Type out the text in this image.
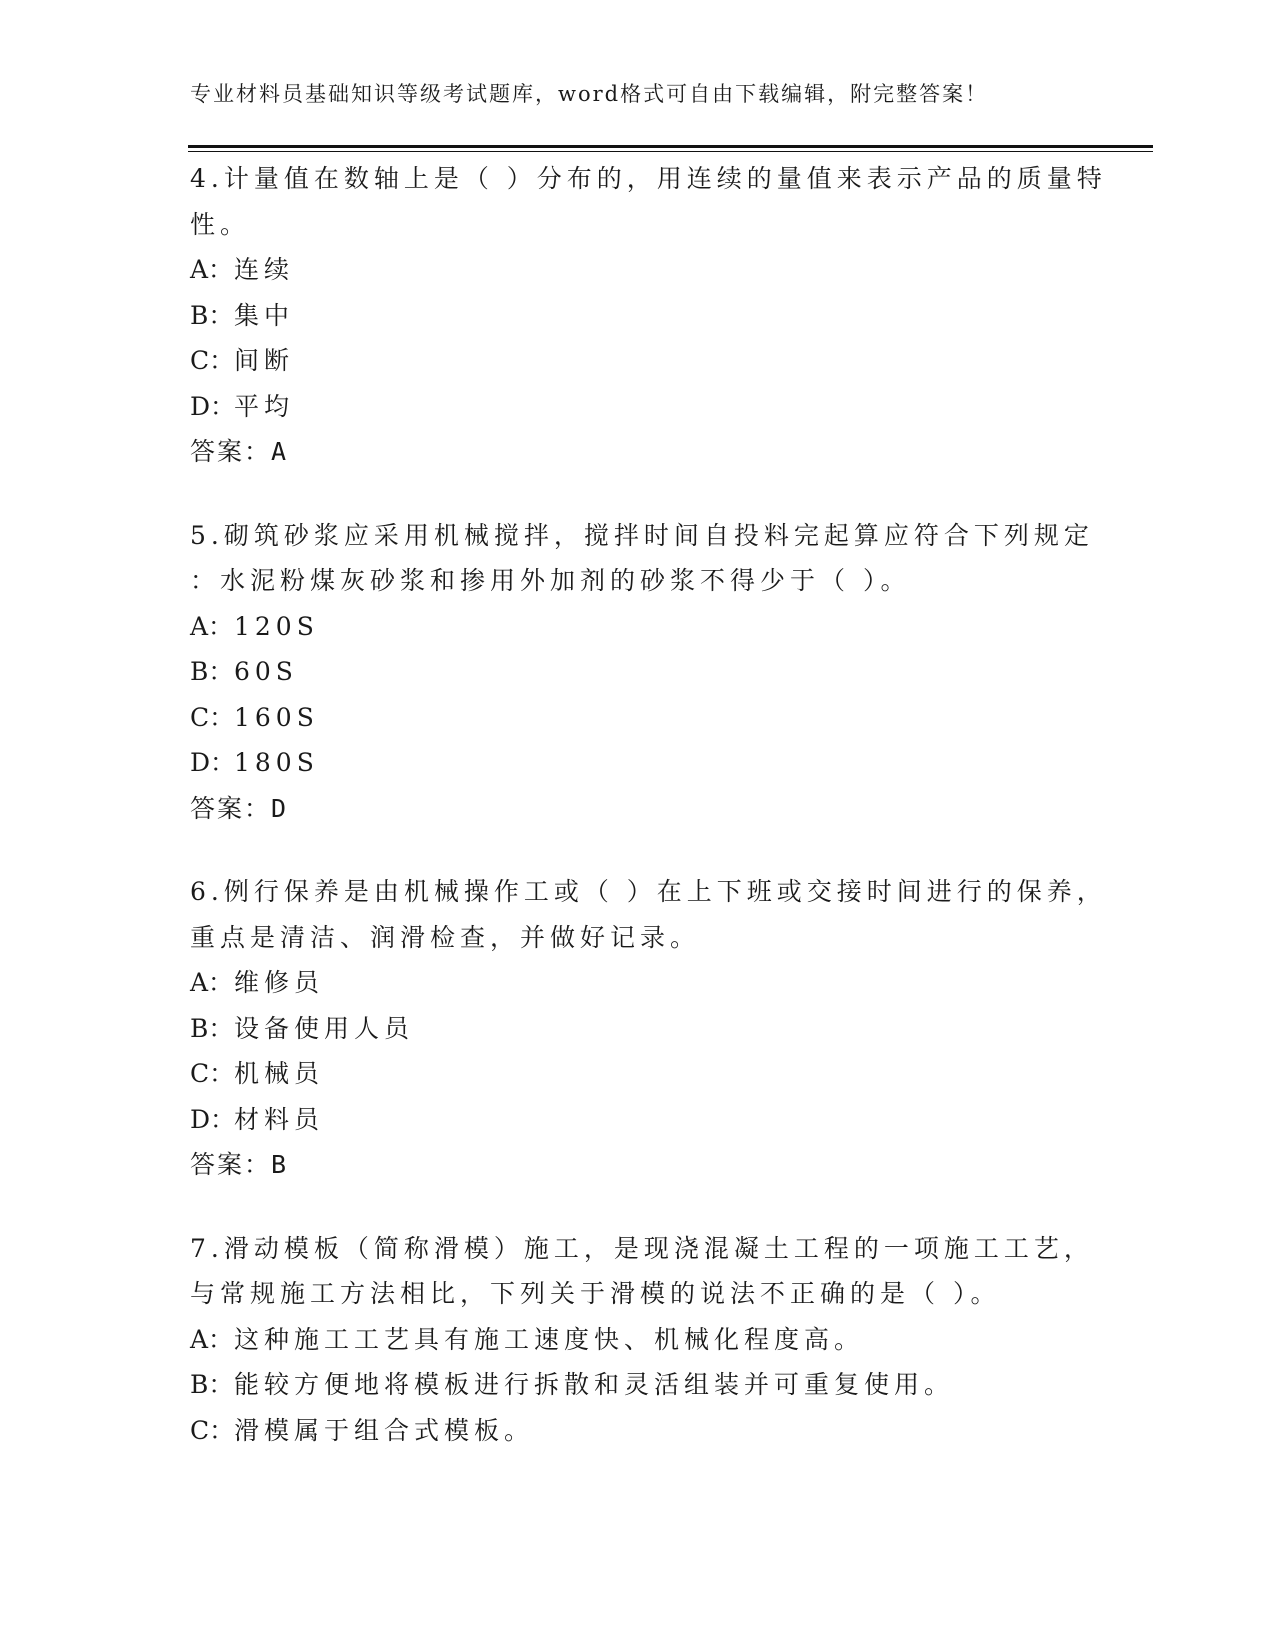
专业材料员基础知识等级考试题库，word格式可自由下载编辑，附完整答案！
4.计量值在数轴上是（ ）分布的，用连续的量值来表示产品的质量特
性。
A：连续
B：集中
C：间断
D：平均
答案：A
5.砌筑砂浆应采用机械搅拌，搅拌时间自投料完起算应符合下列规定
：水泥粉煤灰砂浆和掺用外加剂的砂浆不得少于（ ）。
A：120S
B：60S
C：160S
D：180S
答案：D
6.例行保养是由机械操作工或（ ）在上下班或交接时间进行的保养，
重点是清洁、润滑检查，并做好记录。
A：维修员
B：设备使用人员
C：机械员
D：材料员
答案：B
7.滑动模板（简称滑模）施工，是现浇混凝土工程的一项施工工艺，
与常规施工方法相比，下列关于滑模的说法不正确的是（ ）。
A：这种施工工艺具有施工速度快、机械化程度高。
B：能较方便地将模板进行拆散和灵活组装并可重复使用。
C：滑模属于组合式模板。
